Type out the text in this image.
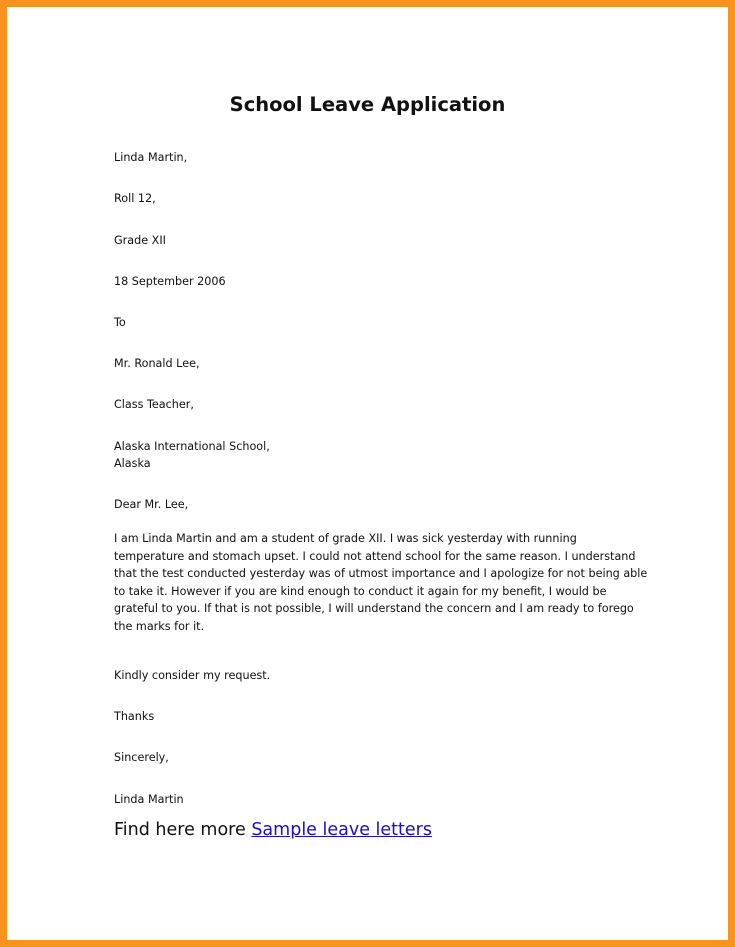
School Leave Application

Linda Martin,

Roll 12,

Grade XII

18 September 2006

To

Mr. Ronald Lee,

Class Teacher,

Alaska International School,

Alaska

Dear Mr. Lee,

I am Linda Martin and am a student of grade XII. I was sick yesterday with running
temperature and stomach upset. I could not attend school for the same reason. I understand
that the test conducted yesterday was of utmost importance and I apologize for not being able
to take it. However if you are kind enough to conduct it again for my benefit, I would be
grateful to you. If that is not possible, I will understand the concern and I am ready to forego
the marks for it.

Kindly consider my request.

Thanks

Sincerely,

Linda Martin

Find here more Sample leave letters
